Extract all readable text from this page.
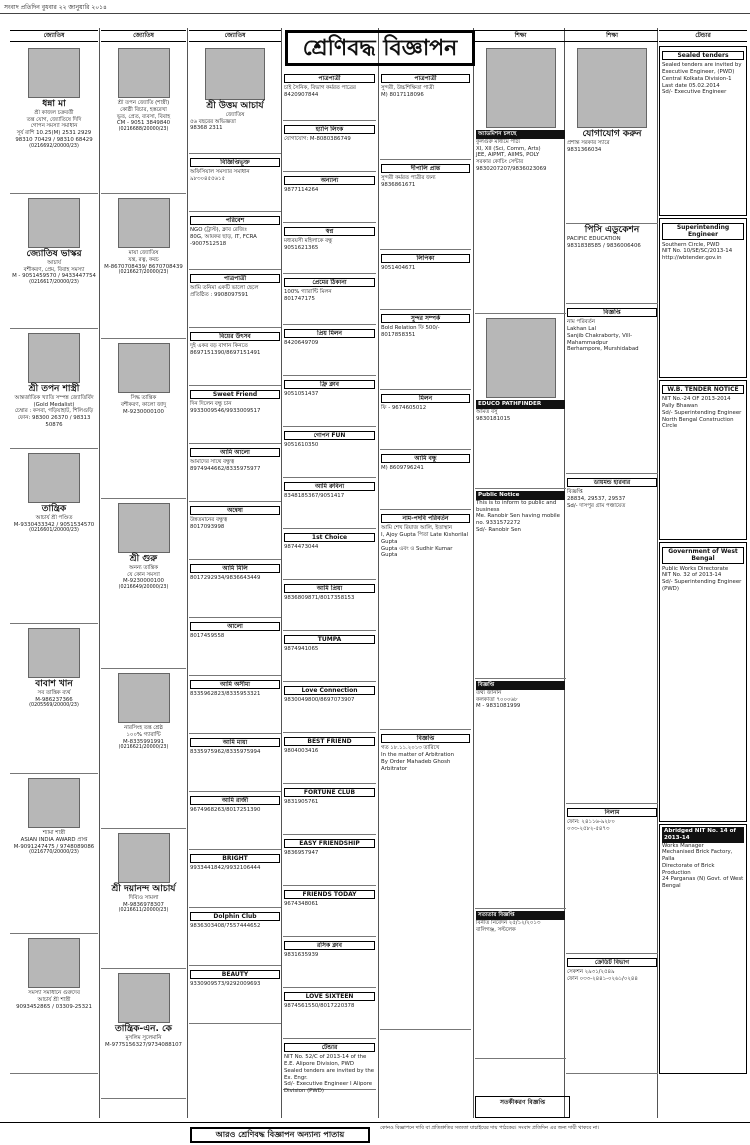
সংবাদ প্রতিদিন বুধবার ২২ জানুয়ারি ২০১৪
জ্যোতিষ	জ্যোতিষ	জ্যোতিষ	শিক্ষা	শিক্ষা	টেন্ডার
শ্রেণিবদ্ধ বিজ্ঞাপন
ধন্না মা
শ্রী কাজল চক্রবর্তী
তন্ত্র যোগ, জ্যোতিষে দিদি
গোপন সমস্যা সমাধান
সূর্য রাশি 10.25(M) 2531 2929
98310 70429 / 98310 68429
(0216692/20000/23)
জ্যোতিষ ভাস্কর
আচার্য
বশীকরণ, প্রেম, বিবাহ সমস্যা
M - 9051459570 / 9433447754
(0216617/20000/23)
শ্রী তপন শাস্ত্রী
আন্তর্জাতিক খ্যাতি সম্পন্ন জ্যোতির্বিদ
(Gold Medalist)
চেম্বার : কসবা, গড়িয়াহাট, শিলিগুড়ি
ফোন: 98300 26370 / 98313 50876
তান্ত্রিক
আচার্য শ্রী পণ্ডিত
M-9330433342 / 9051534570
(0216601/20000/23)
বাবাশ খান
সব তান্ত্রিক ব্যর্থ
M-986237366
(0205569/20000/23)
শ্যামা শাস্ত্রী
ASIAN INDIA AWARD প্রাপ্ত
M-9091247475 / 9748089086
(0216770/20000/23)
সমস্যা সমাধানে গুরুদেব
আচার্য শ্রী শাস্ত্রী
9093452865 / 03309-25321
শ্রী তপন জ্যোতি (শাস্ত্রী)
কোষ্ঠী বিচার, হস্তরেখা
ভূত, প্রেত, ব্যবসা, বিবাহ
CM - 9051 3849840
(0216688/20000/23)
মায়া জ্যোতিষ
যন্ত্র, রত্ন, কবচ
M-8670708439/ 8670708439
(0216627/20000/23)
সিদ্ধ তান্ত্রিক
বশীকরণ, কালো জাদু
M-9230000100
শ্রী গুরু
অনন্য তান্ত্রিক
যে কোন সমস্যা
M-9230000100
(0216649/20000/23)
নারসিংহ তন্ত্র শ্রেষ্ঠ
১০০% গ্যারান্টি
M-8335991991
(0216621/20000/23)
শ্রী দয়ানন্দ আচার্য
দিব্যিও সামলা
M-9836978307
(0216611/20000/23)
তান্ত্রিক-এন. কে
মুসলিম সুলেমানি
M-9775156327/9734088107
শ্রী উত্তম আচার্য
জ্যোতিষ
৫৬ বছরের অভিজ্ঞতা
98368 2311
বিজ্ঞিপ্তিভূক্ত
অফিসিয়াল সমস্যার সমাধান
৯৮৩০৪৫৫৬১৫
পরিবেশ
NGO (ট্রাস্ট), ক্লাব রেজিঃ
80G, আয়কর ছাড়, IT, FCRA
-9007512518
পাত্রপাত্রী
আমি তনিমা একটি ভালো ছেলে
প্রতিষ্ঠিত : 9908097591
বিয়ের উৎসব
দুই একর বড় বাগান কিনতে
8697151390/8697151491
Sweet Friend
দিন দিলেন বন্ধু চান
9933009546/9933009517
আমি আলো
আমাদের সাথে বন্ধুত্ব
8974944662/8335975977
অন্বেষা
উন্নতমানের বন্ধুত্ব
8017093998
আমি মিলি
8017292934/9836643449
আলো
8017459558
আমি অসীমা
8335962823/8335953321
আমি মায়া
8335975962/8335975994
আমি রাজী
9674968263/8017251390
BRIGHT
9933441842/9932106444
Dolphin Club
9836303408/7557444652
BEAUTY
9330909573/9292009693
পাত্রপাত্রী
চাই সৈনিক, বিভাগ কর্মরত পাত্রের
8420907844
হ্যাপি লিংক
যোগাযোগ: M-8080386749
অন্যান্য
9877114264
স্বপ্ন
মধ্যবয়সী মহিলাকে বন্ধু
9051621365
প্রেমের ঠিকানা
100% গ্যারান্টি মিলন
801747175
প্রিয় মিলন
8420649709
ফ্রি ক্লাব
9051051437
গোপন FUN
9051610350
আমি রুবিনা
8348185367/9051417
1st Choice
9874473044
আমি প্রিয়া
9836809871/8017358153
TUMPA
9874941065
Love Connection
9830049800/8697073907
BEST FRIEND
9804003416
FORTUNE CLUB
9831905761
EASY FRIENDSHIP
9836957947
FRIENDS TODAY
9674348061
রসিক ক্লাব
9831635939
LOVE SIXTEEN
9874561550/8017220378
টেন্ডার
NIT No. 52/C of 2013-14 of the E.E. Alipore Division, PWD
Sealed tenders are invited by the Ex. Engr.
Sd/- Executive Engineer I Alipore Division (PWD)
পাত্রপাত্রী
সুন্দরী, উচ্চশিক্ষিতা পাত্রী
M) 8017118096
দীপালি প্রান্ত
সুন্দরী কর্মরত পাত্রীর জন্য
9836861671
লিপিকা
9051404671
সুন্দর সম্পর্ক
Bold Relation ফি 500/-
8017858351
মিলন
ফি - 9674605012
আমি বন্ধু
M) 8609796241
নাম-পদবি পরিবর্তন
আমি শেখ রিয়াজ আলি, ইতাস্থান
I, Ajoy Gupta পিতা Late Kishorilal Gupta
Gupta এবং ও Sudhir Kumar Gupta
বিজ্ঞপ্তি
গত ১৮.১১.২০১৩ তারিখে
In the matter of Arbitration
By Order Mahadeb Ghosh Arbitrator
অ্যাডমিশন চলছে
কুলগুরু মাধ্যমে পাঠ্য
XI, XII (Sci, Comm, Arts)
JEE, AIPMT, AIIMS, POLY
সরকার কোচিং সেন্টার
9830207207/9836023069
EDUCO PATHFINDER
অমিত বসু
9830181015
Public Notice
This is to inform to public and business
Me. Ranobir Sen having mobile no. 9331572272
Sd/- Ranobir Sen
বিজ্ঞপ্তি
তথ্য জানান
কলকাতা ৭০০০৬৮
M - 9831081999
সত্যতার বিজ্ঞপ্তি
বিনীত নিবেদন ২৫/১২/২০১৩
বালিগঞ্জ, সল্টলেক
যোগাযোগ করুন
প্রশান্ত সরকার স্যারে
9831366034
পিসি এডুকেশন
PACIFIC EDUCATION
9831838585 / 9836006406
বিজ্ঞপ্তি
নাম পরিবর্তন
Lakhan Lal
Sanjib Chakraborty, Vill-Mahammadpur
Berhampore, Murshidabad
ডায়মন্ড হারবার
বিজ্ঞপ্তি
28834, 29537, 29537
Sd/- দাসপুর গ্রাম পঞ্চায়েত
নিলাম
ফোন: ২৪১১৬-৯২৮০
০৩৩-২৫৮২-৫৪৭৩
ক্রেডিট বিভাগ
সেকশন ২৯৩১/২৫৪৯
ফোন ০৩৩-২৪৪১-০২৬১/০২৪৪
Sealed tenders
Sealed tenders are invited by Executive Engineer, (PWD) Central Kolkata Division-1
Last date 05.02.2014
Sd/- Executive Engineer
Superintending Engineer
Southern Circle, PWD
NIT No. 10/SE/SC/2013-14
http://wbtender.gov.in
W.B. TENDER NOTICE
NIT No.-24 OF 2013-2014
Pally Bhawan
Sd/- Superintending Engineer North Bengal Construction Circle
Government of West Bengal
Public Works Directorate
NIT No. 32 of 2013-14
Sd/- Superintending Engineer (PWD)
Abridged NIT No. 14 of 2013-14
Works Manager
Mechanised Brick Factory, Palla
Directorate of Brick Production
24 Parganas (N) Govt. of West Bengal
আরও শ্রেণিবদ্ধ বিজ্ঞাপন অন্যান্য পাতায়
কোনও বিজ্ঞাপনে দাবি বা প্রতিশ্রুতির সত্যতা যাচাইয়ের দায় পাঠকের। সংবাদ প্রতিদিন এর জন্য দায়ী থাকবে না।
সতর্কীকরণ বিজ্ঞপ্তি
